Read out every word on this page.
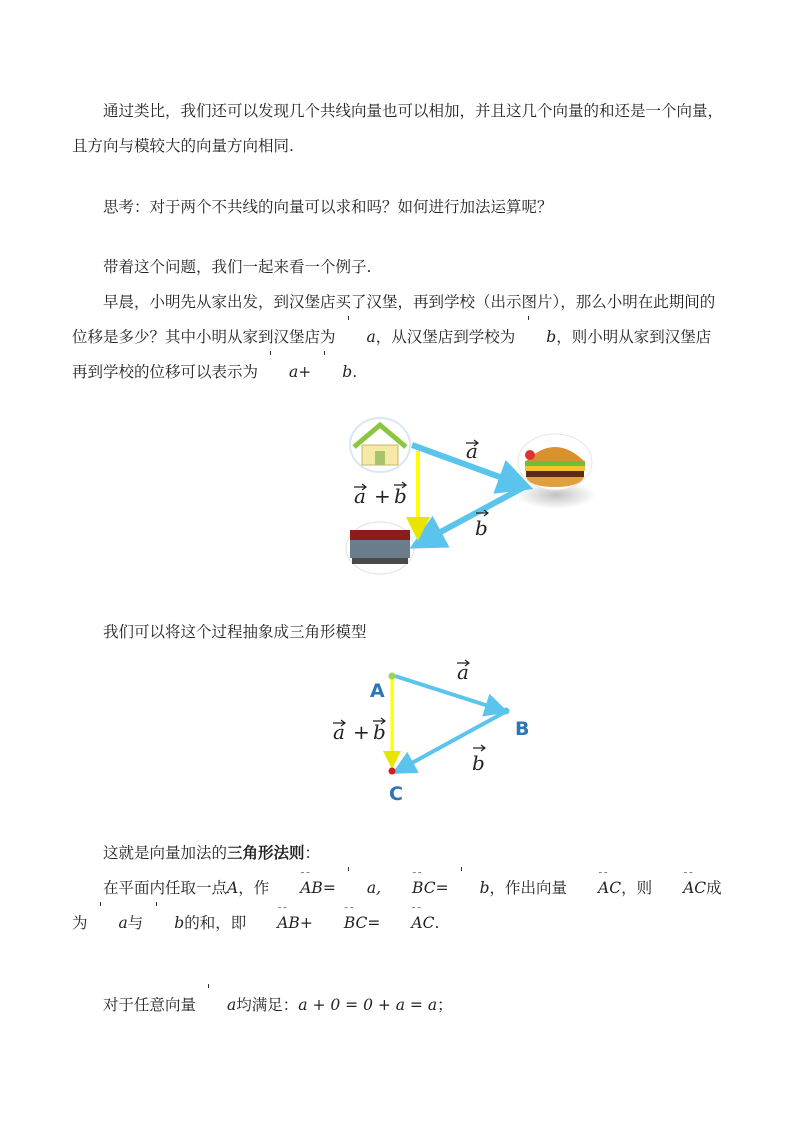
通过类比，我们还可以发现几个共线向量也可以相加，并且这几个向量的和还是一个向量，且方向与模较大的向量方向相同.

思考：对于两个不共线的向量可以求和吗？如何进行加法运算呢？

带着这个问题，我们一起来看一个例子.

早晨，小明先从家出发，到汉堡店买了汉堡，再到学校（出示图片），那么小明在此期间的位移是多少？其中小明从家到汉堡店为 a，从汉堡店到学校为 b，则小明从家到汉堡店再到学校的位移可以表示为 a+ b.

a
b
a + b

我们可以将这个过程抽象成三角形模型

A
B
C
a
b
a + b

这就是向量加法的三角形法则：

在平面内任取一点A，作 ˜˜ AB= a, ˜˜ BC= b，作出向量 ˜˜ AC，则 ˜˜ AC成为 a与 b的和，即 ˜˜ AB+ ˜˜ BC= ˜˜ AC.

对于任意向量 a均满足：a + 0 = 0 + a = a；
